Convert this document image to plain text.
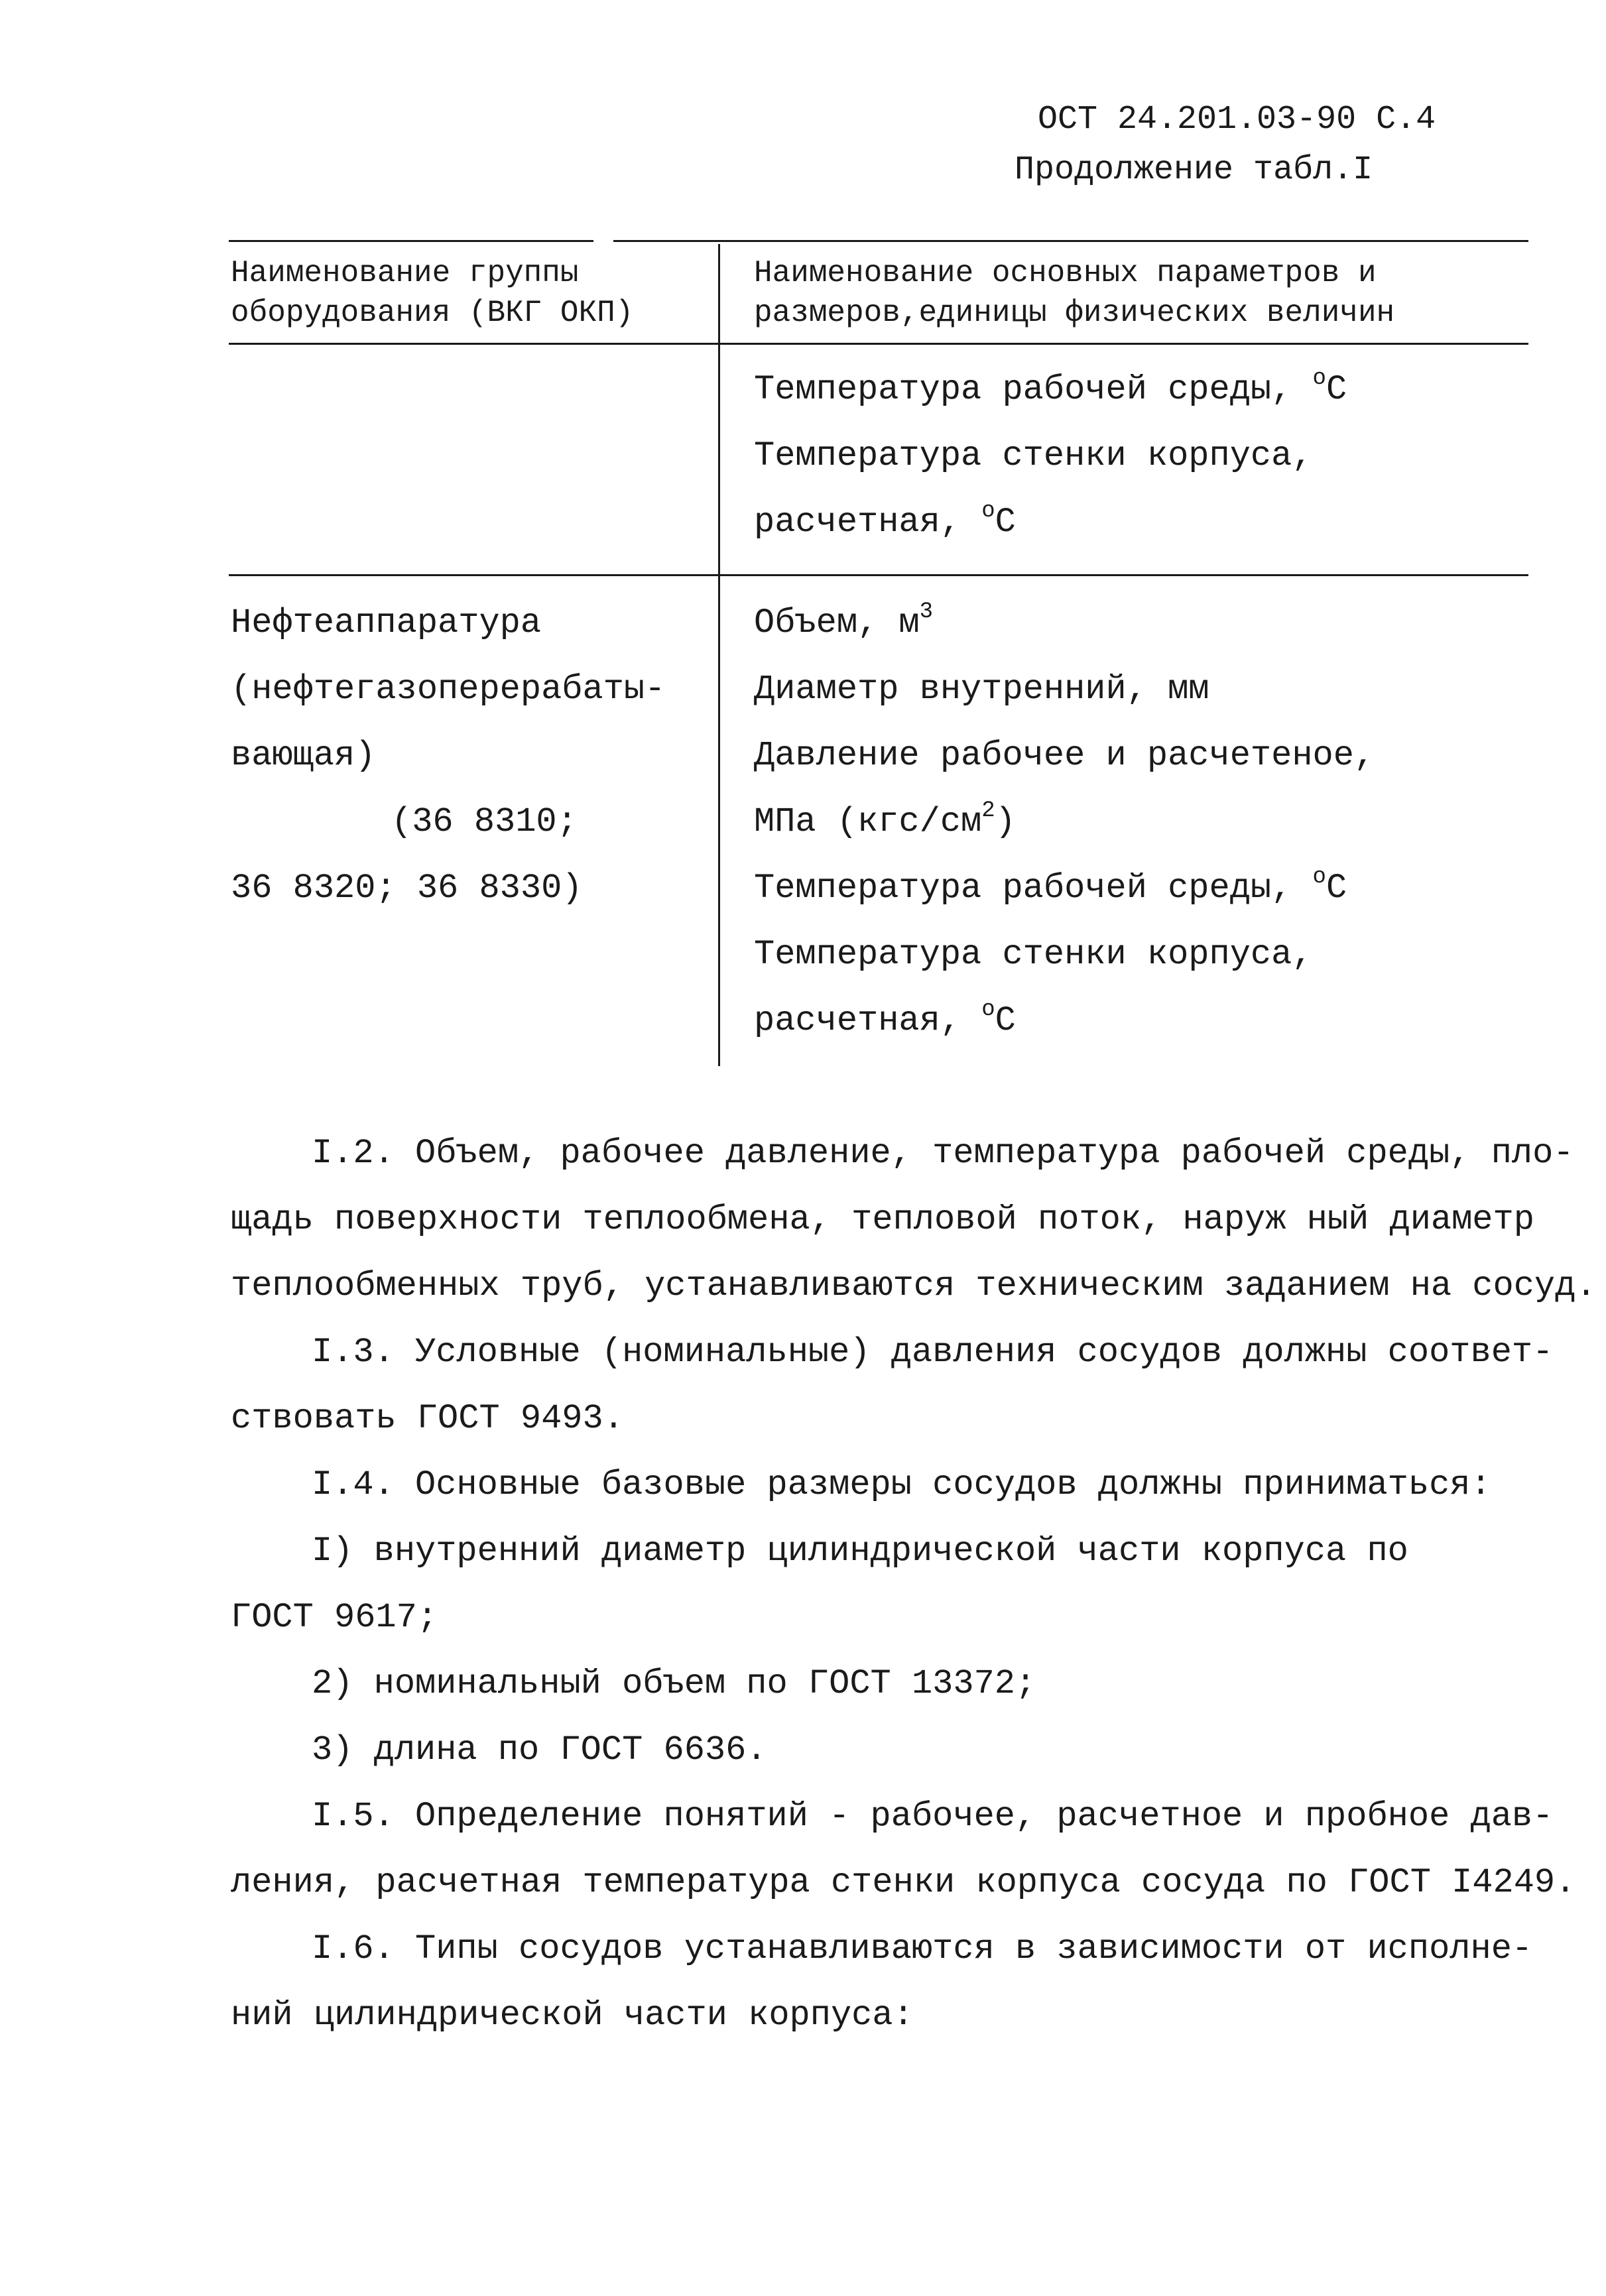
ОСТ 24.201.03-90 С.4
Продолжение табл.I
Наименование группы
оборудования (ВКГ ОКП)
Наименование основных параметров и
размеров,единицы физических величин
Температура рабочей среды, $^о$С
Температура стенки корпуса,
расчетная, $^о$С
Нефтеаппаратура
(нефтегазоперерабаты-
вающая)
(36 8310;
36 8320; 36 8330)
Объем, $м^3$
Диаметр внутренний, мм
Давление рабочее и расчетеное,
МПа $(кгс/см^2)$
Температура рабочей среды, $^о$С
Температура стенки корпуса,
расчетная, $^о$С
I.2. Объем, рабочее давление, температура рабочей среды, пло-
щадь поверхности теплообмена, тепловой поток, наруж ный диаметр
теплообменных труб, устанавливаются техническим заданием на сосуд.
I.3. Условные (номинальные) давления сосудов должны соответ-
ствовать ГОСТ 9493.
I.4. Основные базовые размеры сосудов должны приниматься:
I) внутренний диаметр цилиндрической части корпуса по
ГОСТ 9617;
2) номинальный объем по ГОСТ 13372;
3) длина по ГОСТ 6636.
I.5. Определение понятий - рабочее, расчетное и пробное дав-
ления, расчетная температура стенки корпуса сосуда по ГОСТ I4249.
I.6. Типы сосудов устанавливаются в зависимости от исполне-
ний цилиндрической части корпуса:
